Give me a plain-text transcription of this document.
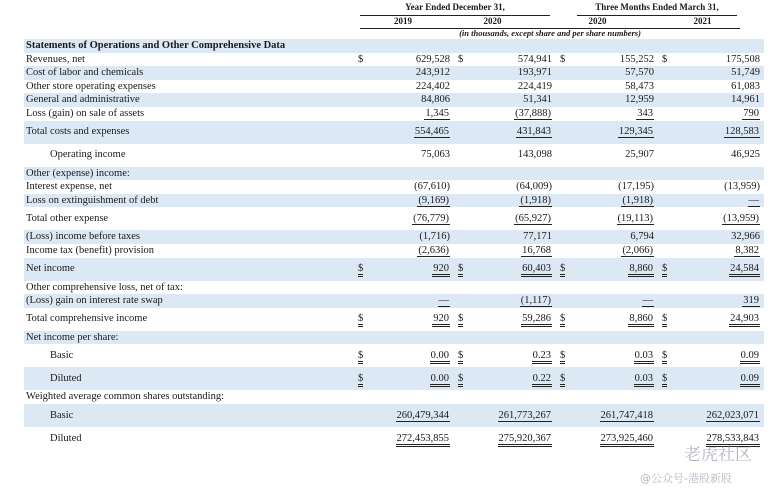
Year Ended December 31,	Three Months Ended March 31,
2019	2020	2020	2021
(in thousands, except share and per share numbers)
Statements of Operations and Other Comprehensive Data								
Revenues, net	$	629,528	$	574,941	$	155,252	$	175,508
Cost of labor and chemicals		243,912		193,971		57,570		51,749
Other store operating expenses		224,402		224,419		58,473		61,083
General and administrative		84,806		51,341		12,959		14,961
Loss (gain) on sale of assets		1,345		(37,888)		343		790
Total costs and expenses		554,465		431,843		129,345		128,583
Operating income		75,063		143,098		25,907		46,925
Other (expense) income:								
Interest expense, net		(67,610)		(64,009)		(17,195)		(13,959)
Loss on extinguishment of debt		(9,169)		(1,918)		(1,918)		—
Total other expense		(76,779)		(65,927)		(19,113)		(13,959)
(Loss) income before taxes		(1,716)		77,171		6,794		32,966
Income tax (benefit) provision		(2,636)		16,768		(2,066)		8,382
Net income	$	920	$	60,403	$	8,860	$	24,584
Other comprehensive loss, net of tax:								
(Loss) gain on interest rate swap		—		(1,117)		—		319
Total comprehensive income	$	920	$	59,286	$	8,860	$	24,903
Net income per share:								
Basic	$	0.00	$	0.23	$	0.03	$	0.09
Diluted	$	0.00	$	0.22	$	0.03	$	0.09
Weighted average common shares outstanding:								
Basic		260,479,344		261,773,267		261,747,418		262,023,071
Diluted		272,453,855		275,920,367		273,925,460		278,533,843
老虎社区
@公众号-港股新股
